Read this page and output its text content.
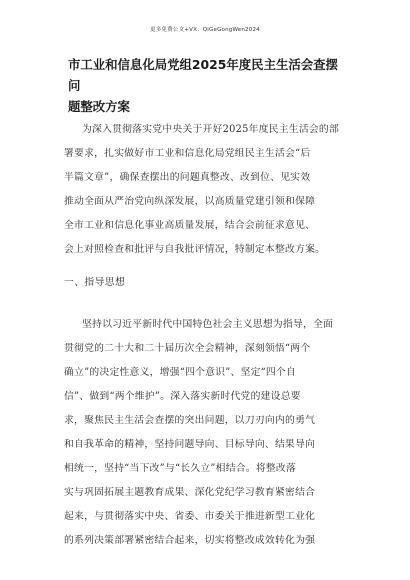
更多免费公文+VX：QiGeGongWen2024
市工业和信息化局党组2025年度民主生活会查摆问
题整改方案
为深入贯彻落实党中央关于开好2025年度民主生活会的部
署要求，扎实做好市工业和信息化局党组民主生活会“后
半篇文章”，确保查摆出的问题真整改、改到位、见实效
推动全面从严治党向纵深发展，以高质量党建引领和保障
全市工业和信息化事业高质量发展，结合会前征求意见、
会上对照检查和批评与自我批评情况，特制定本整改方案。
一、指导思想
坚持以习近平新时代中国特色社会主义思想为指导，全面
贯彻党的二十大和二十届历次全会精神，深刻领悟“两个
确立”的决定性意义，增强“四个意识”、坚定“四个自
信”、做到“两个维护”。深入落实新时代党的建设总要
求，聚焦民主生活会查摆的突出问题，以刀刃向内的勇气
和自我革命的精神，坚持问题导向、目标导向、结果导向
相统一，坚持“当下改”与“长久立”相结合。将整改落
实与巩固拓展主题教育成果、深化党纪学习教育紧密结合
起来，与贯彻落实中央、省委、市委关于推进新型工业化
的系列决策部署紧密结合起来，切实将整改成效转化为强
